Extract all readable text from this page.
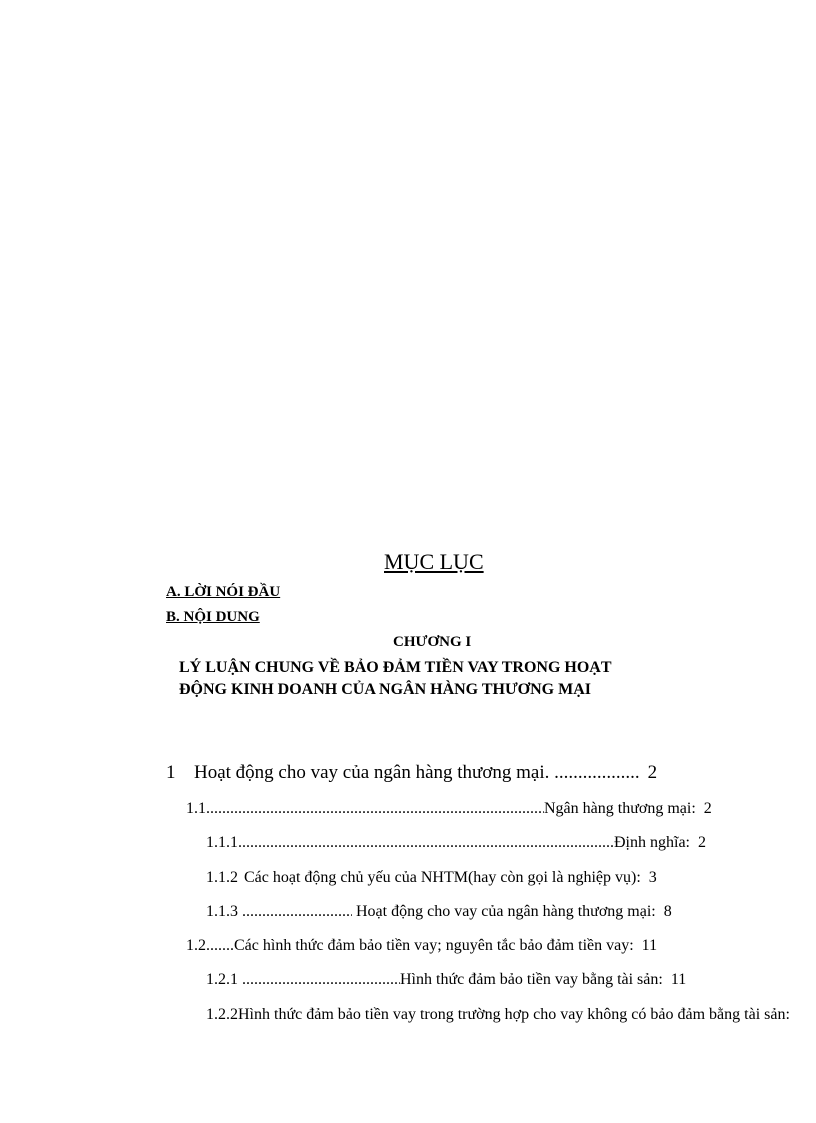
MỤC LỤC
A. LỜI NÓI ĐẦU
B. NỘI DUNG
CHƯƠNG I
LÝ LUẬN CHUNG VỀ BẢO ĐẢM TIỀN VAY TRONG HOẠT
ĐỘNG KINH DOANH CỦA NGÂN HÀNG THƯƠNG MẠI
1 Hoạt động cho vay của ngân hàng thương mại. .................. 2
1.1 .....	Ngân hàng thương mại: 2
1.1.1 .....	Định nghĩa: 2
1.1.2 Các hoạt động chủ yếu của NHTM(hay còn gọi là nghiệp vụ): 3
1.1.3 .....	Hoạt động cho vay của ngân hàng thương mại: 8
1.2 ..... Các hình thức đảm bảo tiền vay; nguyên tắc bảo đảm tiền vay: 11
1.2.1 .....	Hình thức đảm bảo tiền vay bằng tài sản: 11
1.2.2 Hình thức đảm bảo tiền vay trong trường hợp cho vay không có bảo đảm bằng tài sản:
